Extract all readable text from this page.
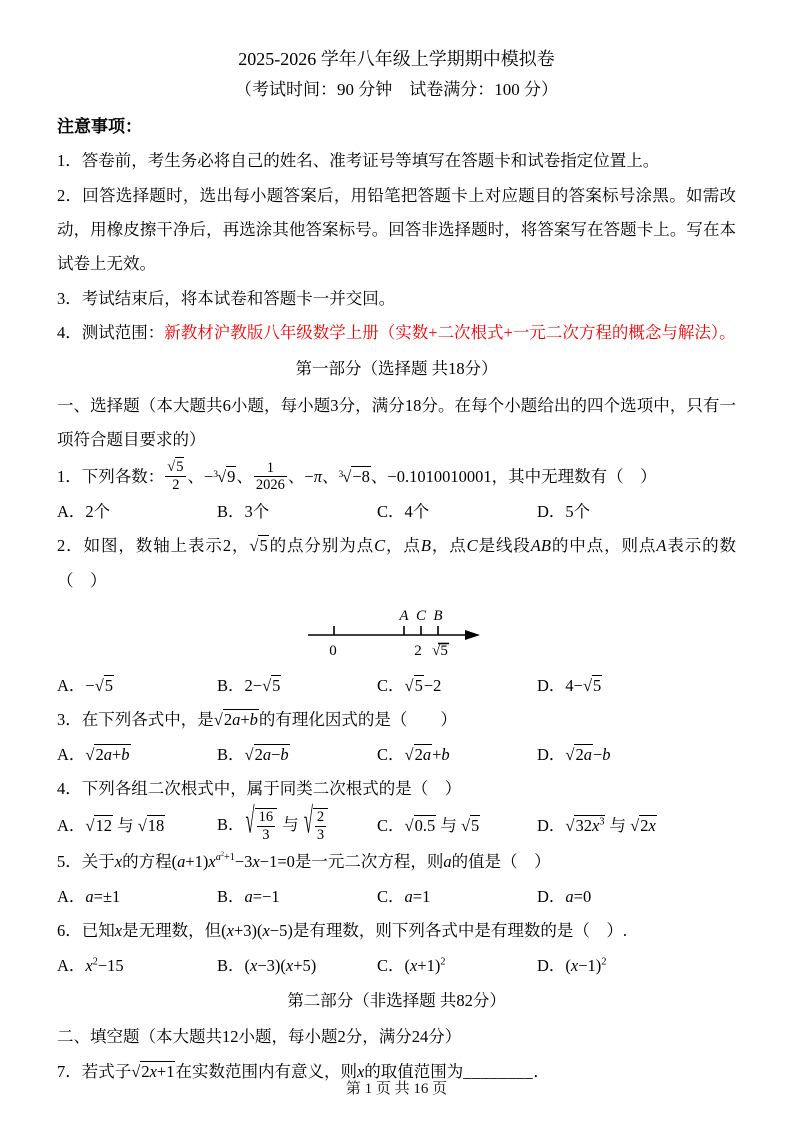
2025-2026 学年八年级上学期期中模拟卷
（考试时间：90 分钟　试卷满分：100 分）
注意事项：

1．答卷前，考生务必将自己的姓名、准考证号等填写在答题卡和试卷指定位置上。

2．回答选择题时，选出每小题答案后，用铅笔把答题卡上对应题目的答案标号涂黑。如需改动，用橡皮擦干净后，再选涂其他答案标号。回答非选择题时，将答案写在答题卡上。写在本试卷上无效。

3．考试结束后，将本试卷和答题卡一并交回。

4．测试范围：新教材沪教版八年级数学上册（实数+二次根式+一元二次方程的概念与解法）。

第一部分（选择题 共18分）

一、选择题（本大题共6小题，每小题3分，满分18分。在每个小题给出的四个选项中，只有一项符合题目要求的）

1．下列各数： $\frac{√5}{2}$ 、−$^3$√9、 $\frac{1}{2026}$ 、−π、$^3$√−8、−0.1010010001，其中无理数有（　）

A．2个	B．3个	C．4个	D．5个

2．如图，数轴上表示2，√5的点分别为点C，点B，点C是线段AB的中点，则点A表示的数（　）

A C B
0	2 √5
A．−√5	B．2−√5	C．√5−2	D．4−√5

3．在下列各式中，是√2a+b的有理化因式的是（　　）

A．√2a+b	B．√2a−b	C．√2a+b	D．√2a−b

4．下列各组二次根式中，属于同类二次根式的是（　）

A．√12 与 √18	B．√ $\frac{16}{3}$ 与 √ $\frac{2}{3}$	C．√0.5 与 √5	D．$√32x^3$ 与 √2x

5．关于x的方程$(a+1)x^{a^2+1}-3x-1=0$是一元二次方程，则a的值是（　）

A．a=±1	B．a=−1	C．a=1	D．a=0

6．已知x是无理数，但(x+3)(x−5)是有理数，则下列各式中是有理数的是（　）.

A．$x^2-15$	B．(x−3)(x+5)	C．$(x+1)^2$	D．$(x-1)^2$
第二部分（非选择题 共82分）

二、填空题（本大题共12小题，每小题2分，满分24分）

7．若式子√2x+1在实数范围内有意义，则x的取值范围为________．

第 1 页 共 16 页
